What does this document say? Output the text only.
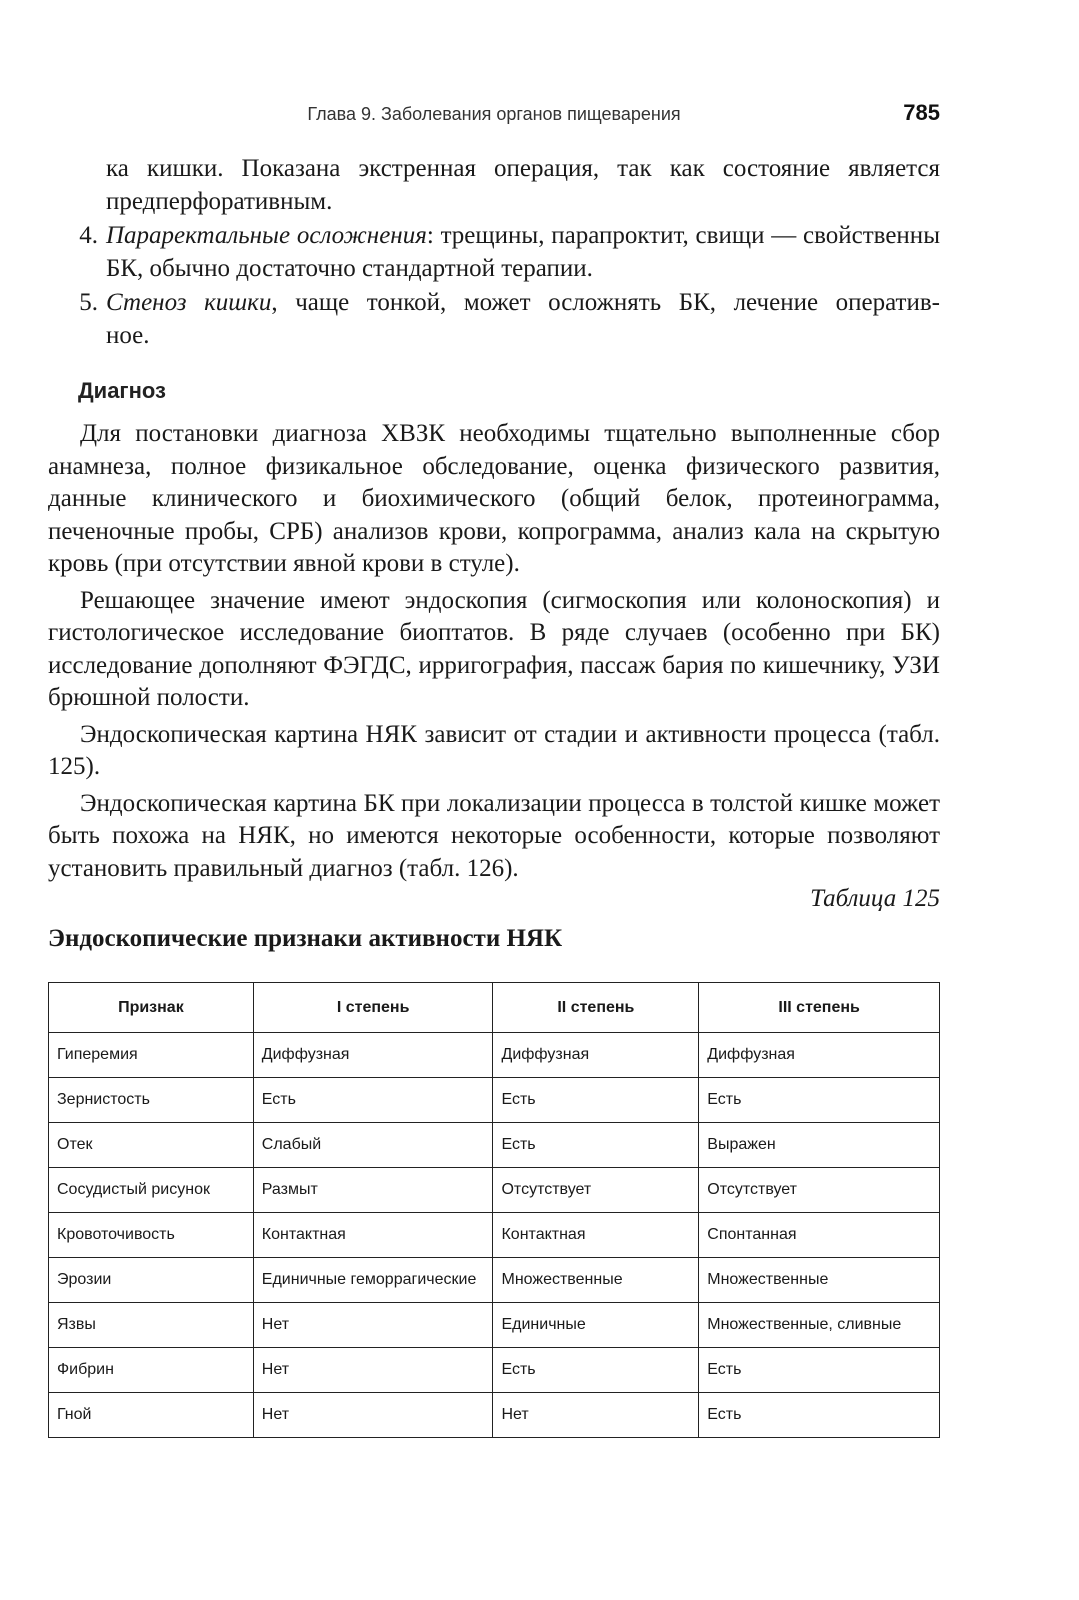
Глава 9. Заболевания органов пищеварения	785

ка кишки. Показана экстренная операция, так как состояние является предперфоративным.

4. Параректальные осложнения: трещины, парапроктит, свищи — свойственны БК, обычно достаточно стандартной терапии.
5. Стеноз кишки, чаще тонкой, может осложнять БК, лечение оператив-
ное.
Диагноз

Для постановки диагноза ХВЗК необходимы тщательно выполненные сбор анамнеза, полное физикальное обследование, оценка физического развития, данные клинического и биохимического (общий белок, протеинограмма, печеночные пробы, СРБ) анализов крови, копрограмма, анализ кала на скрытую кровь (при отсутствии явной крови в стуле).

Решающее значение имеют эндоскопия (сигмоскопия или колоноскопия) и гистологическое исследование биоптатов. В ряде случаев (особенно при БК) исследование дополняют ФЭГДС, ирригография, пассаж бария по кишечнику, УЗИ брюшной полости.

Эндоскопическая картина НЯК зависит от стадии и активности процесса (табл. 125).

Эндоскопическая картина БК при локализации процесса в толстой кишке может быть похожа на НЯК, но имеются некоторые особенности, которые позволяют установить правильный диагноз (табл. 126).

Таблица 125
Эндоскопические признаки активности НЯК
Признак	I степень	II степень	III степень
Гиперемия	Диффузная	Диффузная	Диффузная
Зернистость	Есть	Есть	Есть
Отек	Слабый	Есть	Выражен
Сосудистый рисунок	Размыт	Отсутствует	Отсутствует
Кровоточивость	Контактная	Контактная	Спонтанная
Эрозии	Единичные геморрагические	Множественные	Множественные
Язвы	Нет	Единичные	Множественные, сливные
Фибрин	Нет	Есть	Есть
Гной	Нет	Нет	Есть
